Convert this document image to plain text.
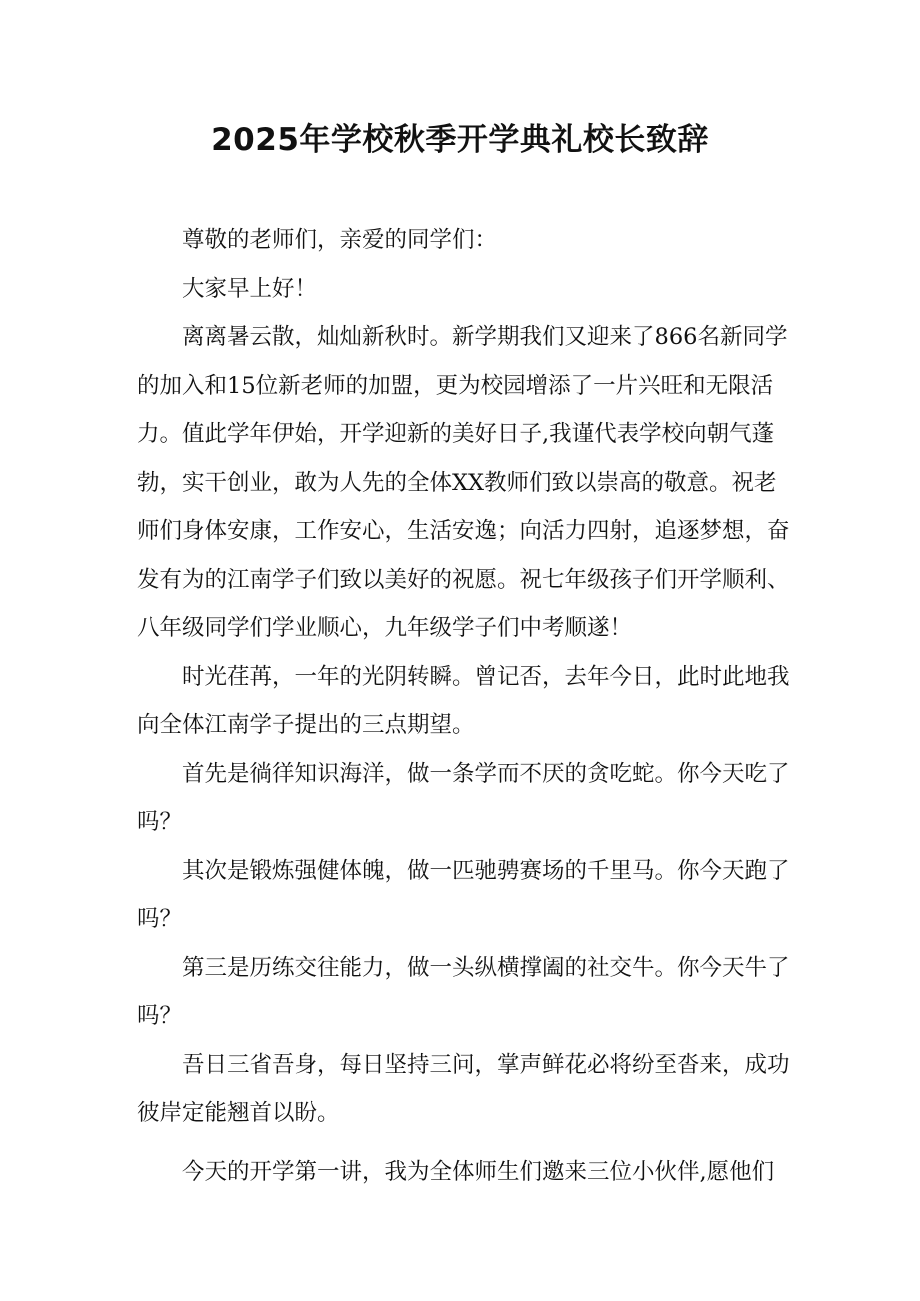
2025年学校秋季开学典礼校长致辞

尊敬的老师们，亲爱的同学们：

大家早上好！

离离暑云散，灿灿新秋时。新学期我们又迎来了866名新同学的加入和15位新老师的加盟，更为校园增添了一片兴旺和无限活力。值此学年伊始，开学迎新的美好日子,我谨代表学校向朝气蓬勃，实干创业，敢为人先的全体XX教师们致以崇高的敬意。祝老师们身体安康，工作安心，生活安逸；向活力四射，追逐梦想，奋发有为的江南学子们致以美好的祝愿。祝七年级孩子们开学顺利、八年级同学们学业顺心，九年级学子们中考顺遂！

时光荏苒，一年的光阴转瞬。曾记否，去年今日，此时此地我向全体江南学子提出的三点期望。

首先是徜徉知识海洋，做一条学而不厌的贪吃蛇。你今天吃了吗？

其次是锻炼强健体魄，做一匹驰骋赛场的千里马。你今天跑了吗？

第三是历练交往能力，做一头纵横撑阖的社交牛。你今天牛了吗？

吾日三省吾身，每日坚持三问，掌声鲜花必将纷至沓来，成功彼岸定能翘首以盼。

今天的开学第一讲，我为全体师生们邀来三位小伙伴,愿他们
